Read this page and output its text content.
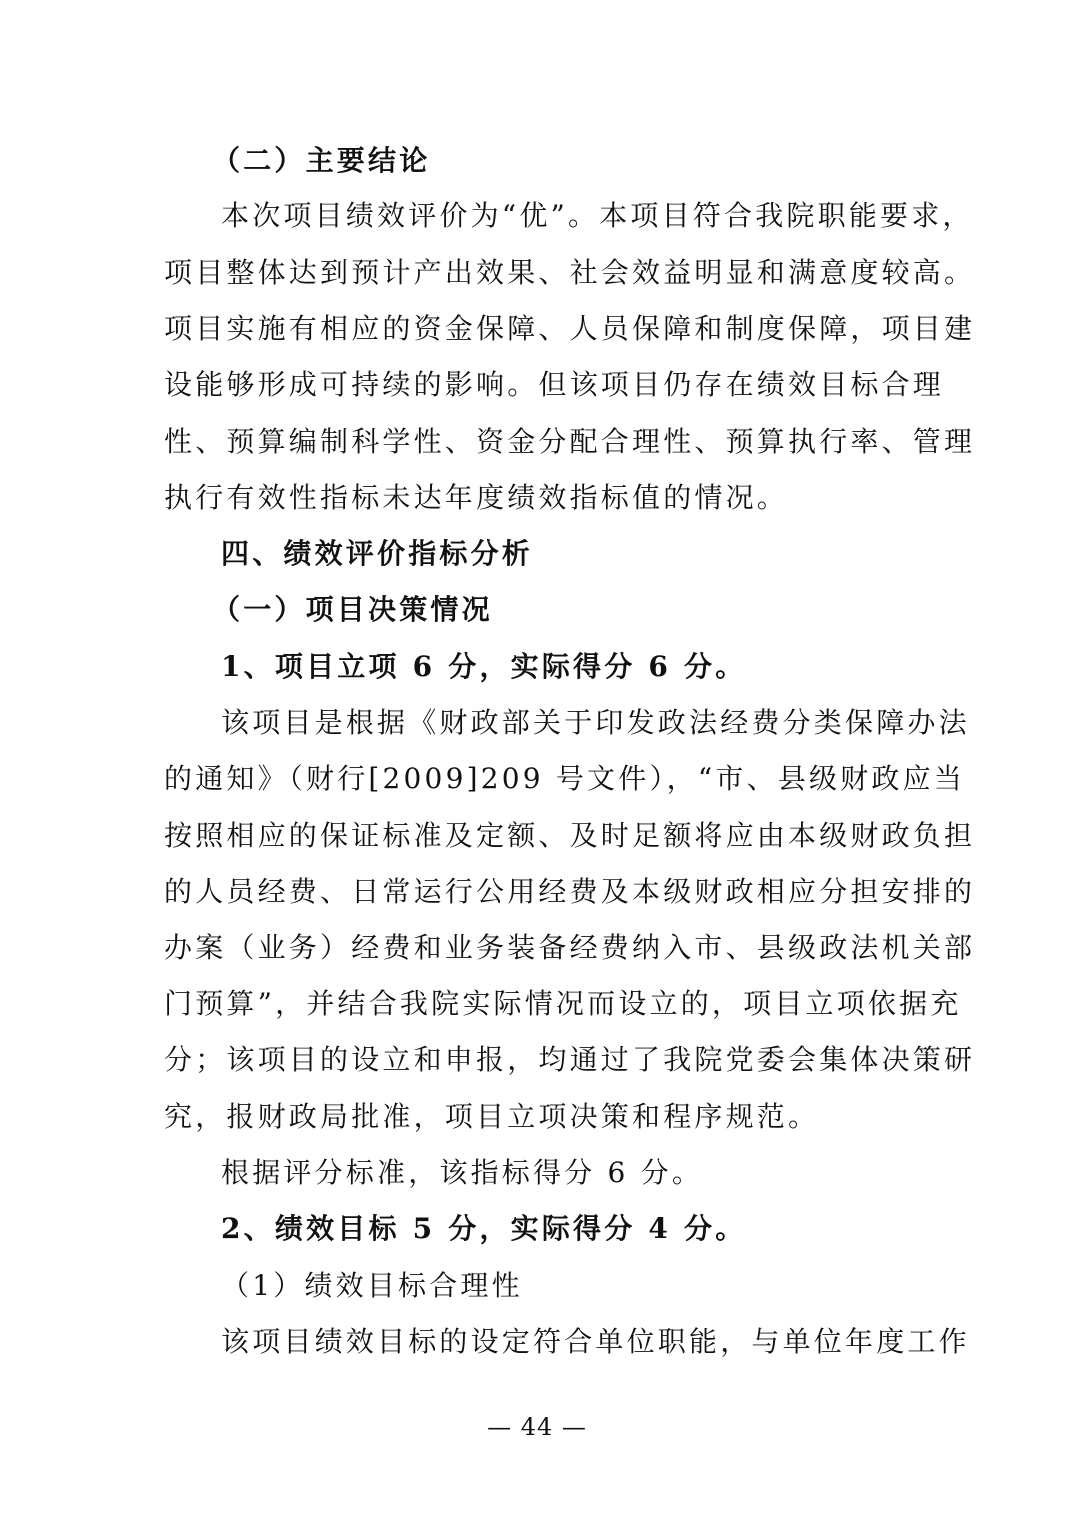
（二）主要结论
本次项目绩效评价为“优”。本项目符合我院职能要求，
项目整体达到预计产出效果、社会效益明显和满意度较高。
项目实施有相应的资金保障、人员保障和制度保障，项目建
设能够形成可持续的影响。但该项目仍存在绩效目标合理
性、预算编制科学性、资金分配合理性、预算执行率、管理
执行有效性指标未达年度绩效指标值的情况。
四、绩效评价指标分析
（一）项目决策情况
1、项目立项 6 分，实际得分 6 分。
该项目是根据《财政部关于印发政法经费分类保障办法
的通知》（财行[2009]209 号文件），“市、县级财政应当
按照相应的保证标准及定额、及时足额将应由本级财政负担
的人员经费、日常运行公用经费及本级财政相应分担安排的
办案（业务）经费和业务装备经费纳入市、县级政法机关部
门预算”，并结合我院实际情况而设立的，项目立项依据充
分；该项目的设立和申报，均通过了我院党委会集体决策研
究，报财政局批准，项目立项决策和程序规范。
根据评分标准，该指标得分 6 分。
2、绩效目标 5 分，实际得分 4 分。
（1）绩效目标合理性
该项目绩效目标的设定符合单位职能，与单位年度工作
— 44 —
